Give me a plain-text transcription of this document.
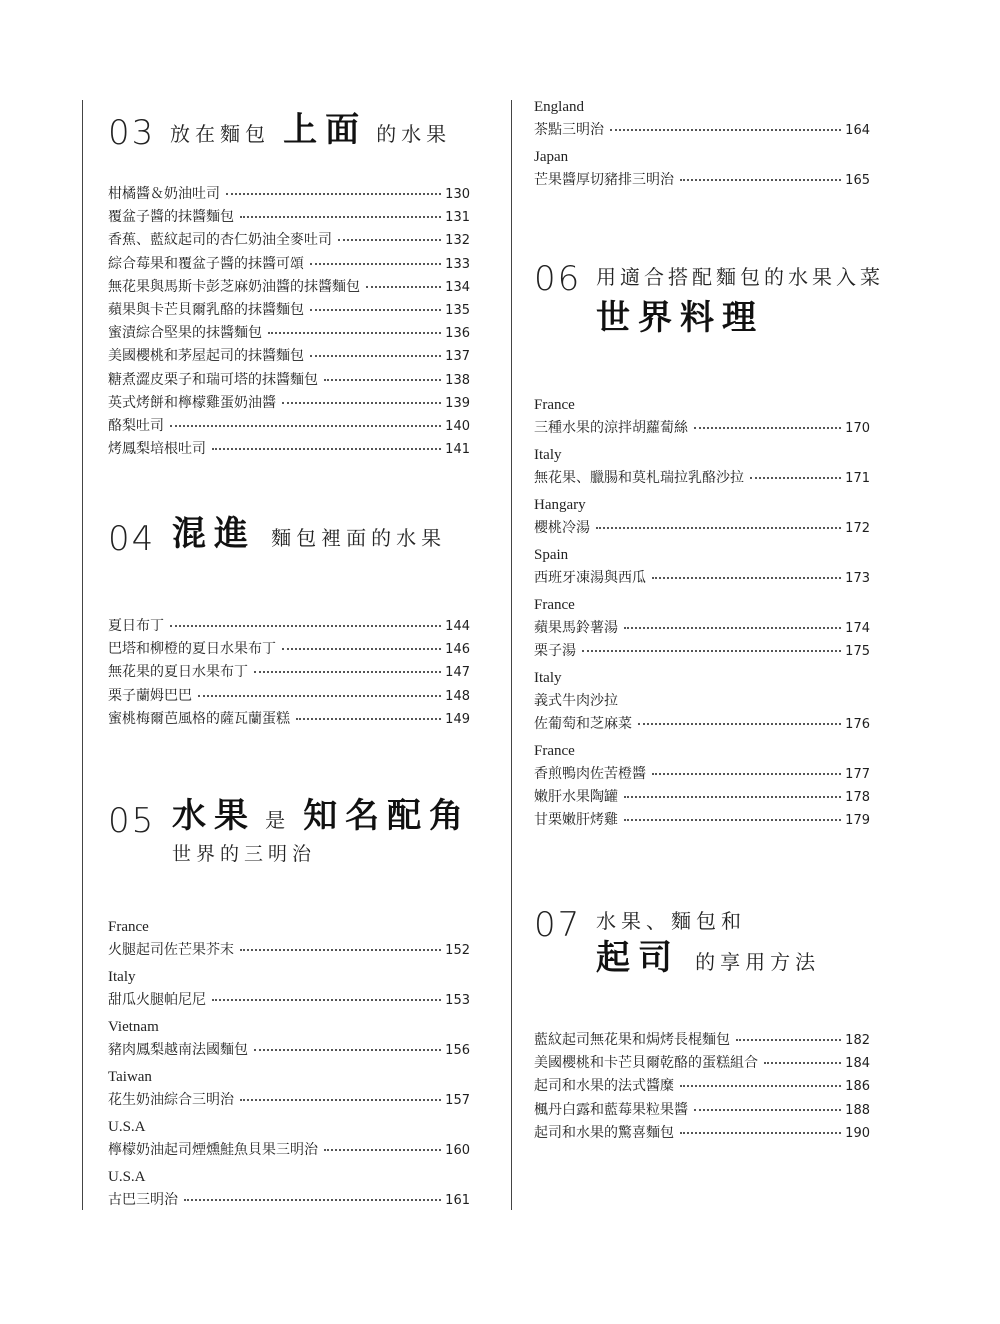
03 放在麵包 上面 的水果
柑橘醬＆奶油吐司	130
覆盆子醬的抹醬麵包	131
香蕉、藍紋起司的杏仁奶油全麥吐司	132
綜合莓果和覆盆子醬的抹醬可頌	133
無花果與馬斯卡彭芝麻奶油醬的抹醬麵包	134
蘋果與卡芒貝爾乳酪的抹醬麵包	135
蜜漬綜合堅果的抹醬麵包	136
美國櫻桃和茅屋起司的抹醬麵包	137
糖煮澀皮栗子和瑞可塔的抹醬麵包	138
英式烤餅和檸檬雞蛋奶油醬	139
酪梨吐司	140
烤鳳梨培根吐司	141
04 混進 麵包裡面的水果
夏日布丁	144
巴塔和柳橙的夏日水果布丁	146
無花果的夏日水果布丁	147
栗子蘭姆巴巴	148
蜜桃梅爾芭風格的薩瓦蘭蛋糕	149
05 水果 是 知名配角
世界的三明治
France
火腿起司佐芒果芥末	152
Italy
甜瓜火腿帕尼尼	153
Vietnam
豬肉鳳梨越南法國麵包	156
Taiwan
花生奶油綜合三明治	157
U.S.A
檸檬奶油起司煙燻鮭魚貝果三明治	160
U.S.A
古巴三明治	161
England
茶點三明治	164
Japan
芒果醬厚切豬排三明治	165
06 用適合搭配麵包的水果入菜
世界料理
France
三種水果的涼拌胡蘿蔔絲	170
Italy
無花果、臘腸和莫札瑞拉乳酪沙拉	171
Hangary
櫻桃冷湯	172
Spain
西班牙凍湯與西瓜	173
France
蘋果馬鈴薯湯	174
栗子湯	175
Italy
義式牛肉沙拉
佐葡萄和芝麻菜	176
France
香煎鴨肉佐苦橙醬	177
嫩肝水果陶罐	178
甘栗嫩肝烤雞	179
07 水果、麵包和
起司 的享用方法
藍紋起司無花果和焗烤長棍麵包	182
美國櫻桃和卡芒貝爾乾酪的蛋糕組合	184
起司和水果的法式醬糜	186
楓丹白露和藍莓果粒果醬	188
起司和水果的驚喜麵包	190
